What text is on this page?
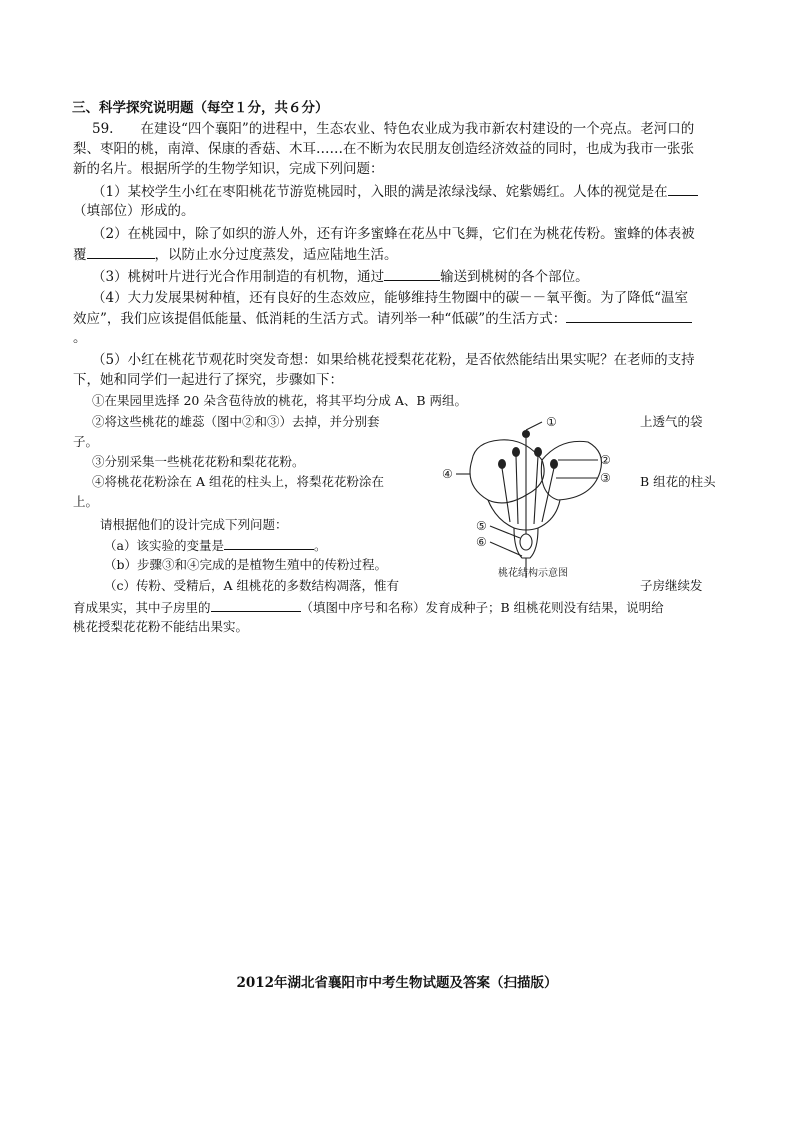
三、科学探究说明题（每空１分，共６分）
59.　　在建设“四个襄阳”的进程中，生态农业、特色农业成为我市新农村建设的一个亮点。老河口的
梨、枣阳的桃，南漳、保康的香菇、木耳……在不断为农民朋友创造经济效益的同时，也成为我市一张张
新的名片。根据所学的生物学知识，完成下列问题：
（1）某校学生小红在枣阳桃花节游览桃园时，入眼的满是浓绿浅绿、姹紫嫣红。人体的视觉是在
（填部位）形成的。
（2）在桃园中，除了如织的游人外，还有许多蜜蜂在花丛中飞舞，它们在为桃花传粉。蜜蜂的体表被
覆	，以防止水分过度蒸发，适应陆地生活。
（3）桃树叶片进行光合作用制造的有机物，通过	输送到桃树的各个部位。
（4）大力发展果树种植，还有良好的生态效应，能够维持生物圈中的碳－－氧平衡。为了降低“温室
效应”，我们应该提倡低能量、低消耗的生活方式。请列举一种“低碳”的生活方式：
。
（5）小红在桃花节观花时突发奇想：如果给桃花授梨花花粉，是否依然能结出果实呢？在老师的支持
下，她和同学们一起进行了探究，步骤如下：
①在果园里选择 20 朵含苞待放的桃花，将其平均分成 A、B 两组。
②将这些桃花的雄蕊（图中②和③）去掉，并分别套	上透气的袋
子。
③分别采集一些桃花花粉和梨花花粉。
④将桃花花粉涂在 A 组花的柱头上，将梨花花粉涂在	B 组花的柱头
上。
请根据他们的设计完成下列问题：
（a）该实验的变量是	。
（b）步骤③和④完成的是植物生殖中的传粉过程。
（c）传粉、受精后，A 组桃花的多数结构凋落，惟有	子房继续发
育成果实，其中子房里的	（填图中序号和名称）发育成种子；B 组桃花则没有结果，说明给
桃花授梨花花粉不能结出果实。
①
②
③
④
⑤
⑥
桃花结构示意图
2012年湖北省襄阳市中考生物试题及答案（扫描版）
